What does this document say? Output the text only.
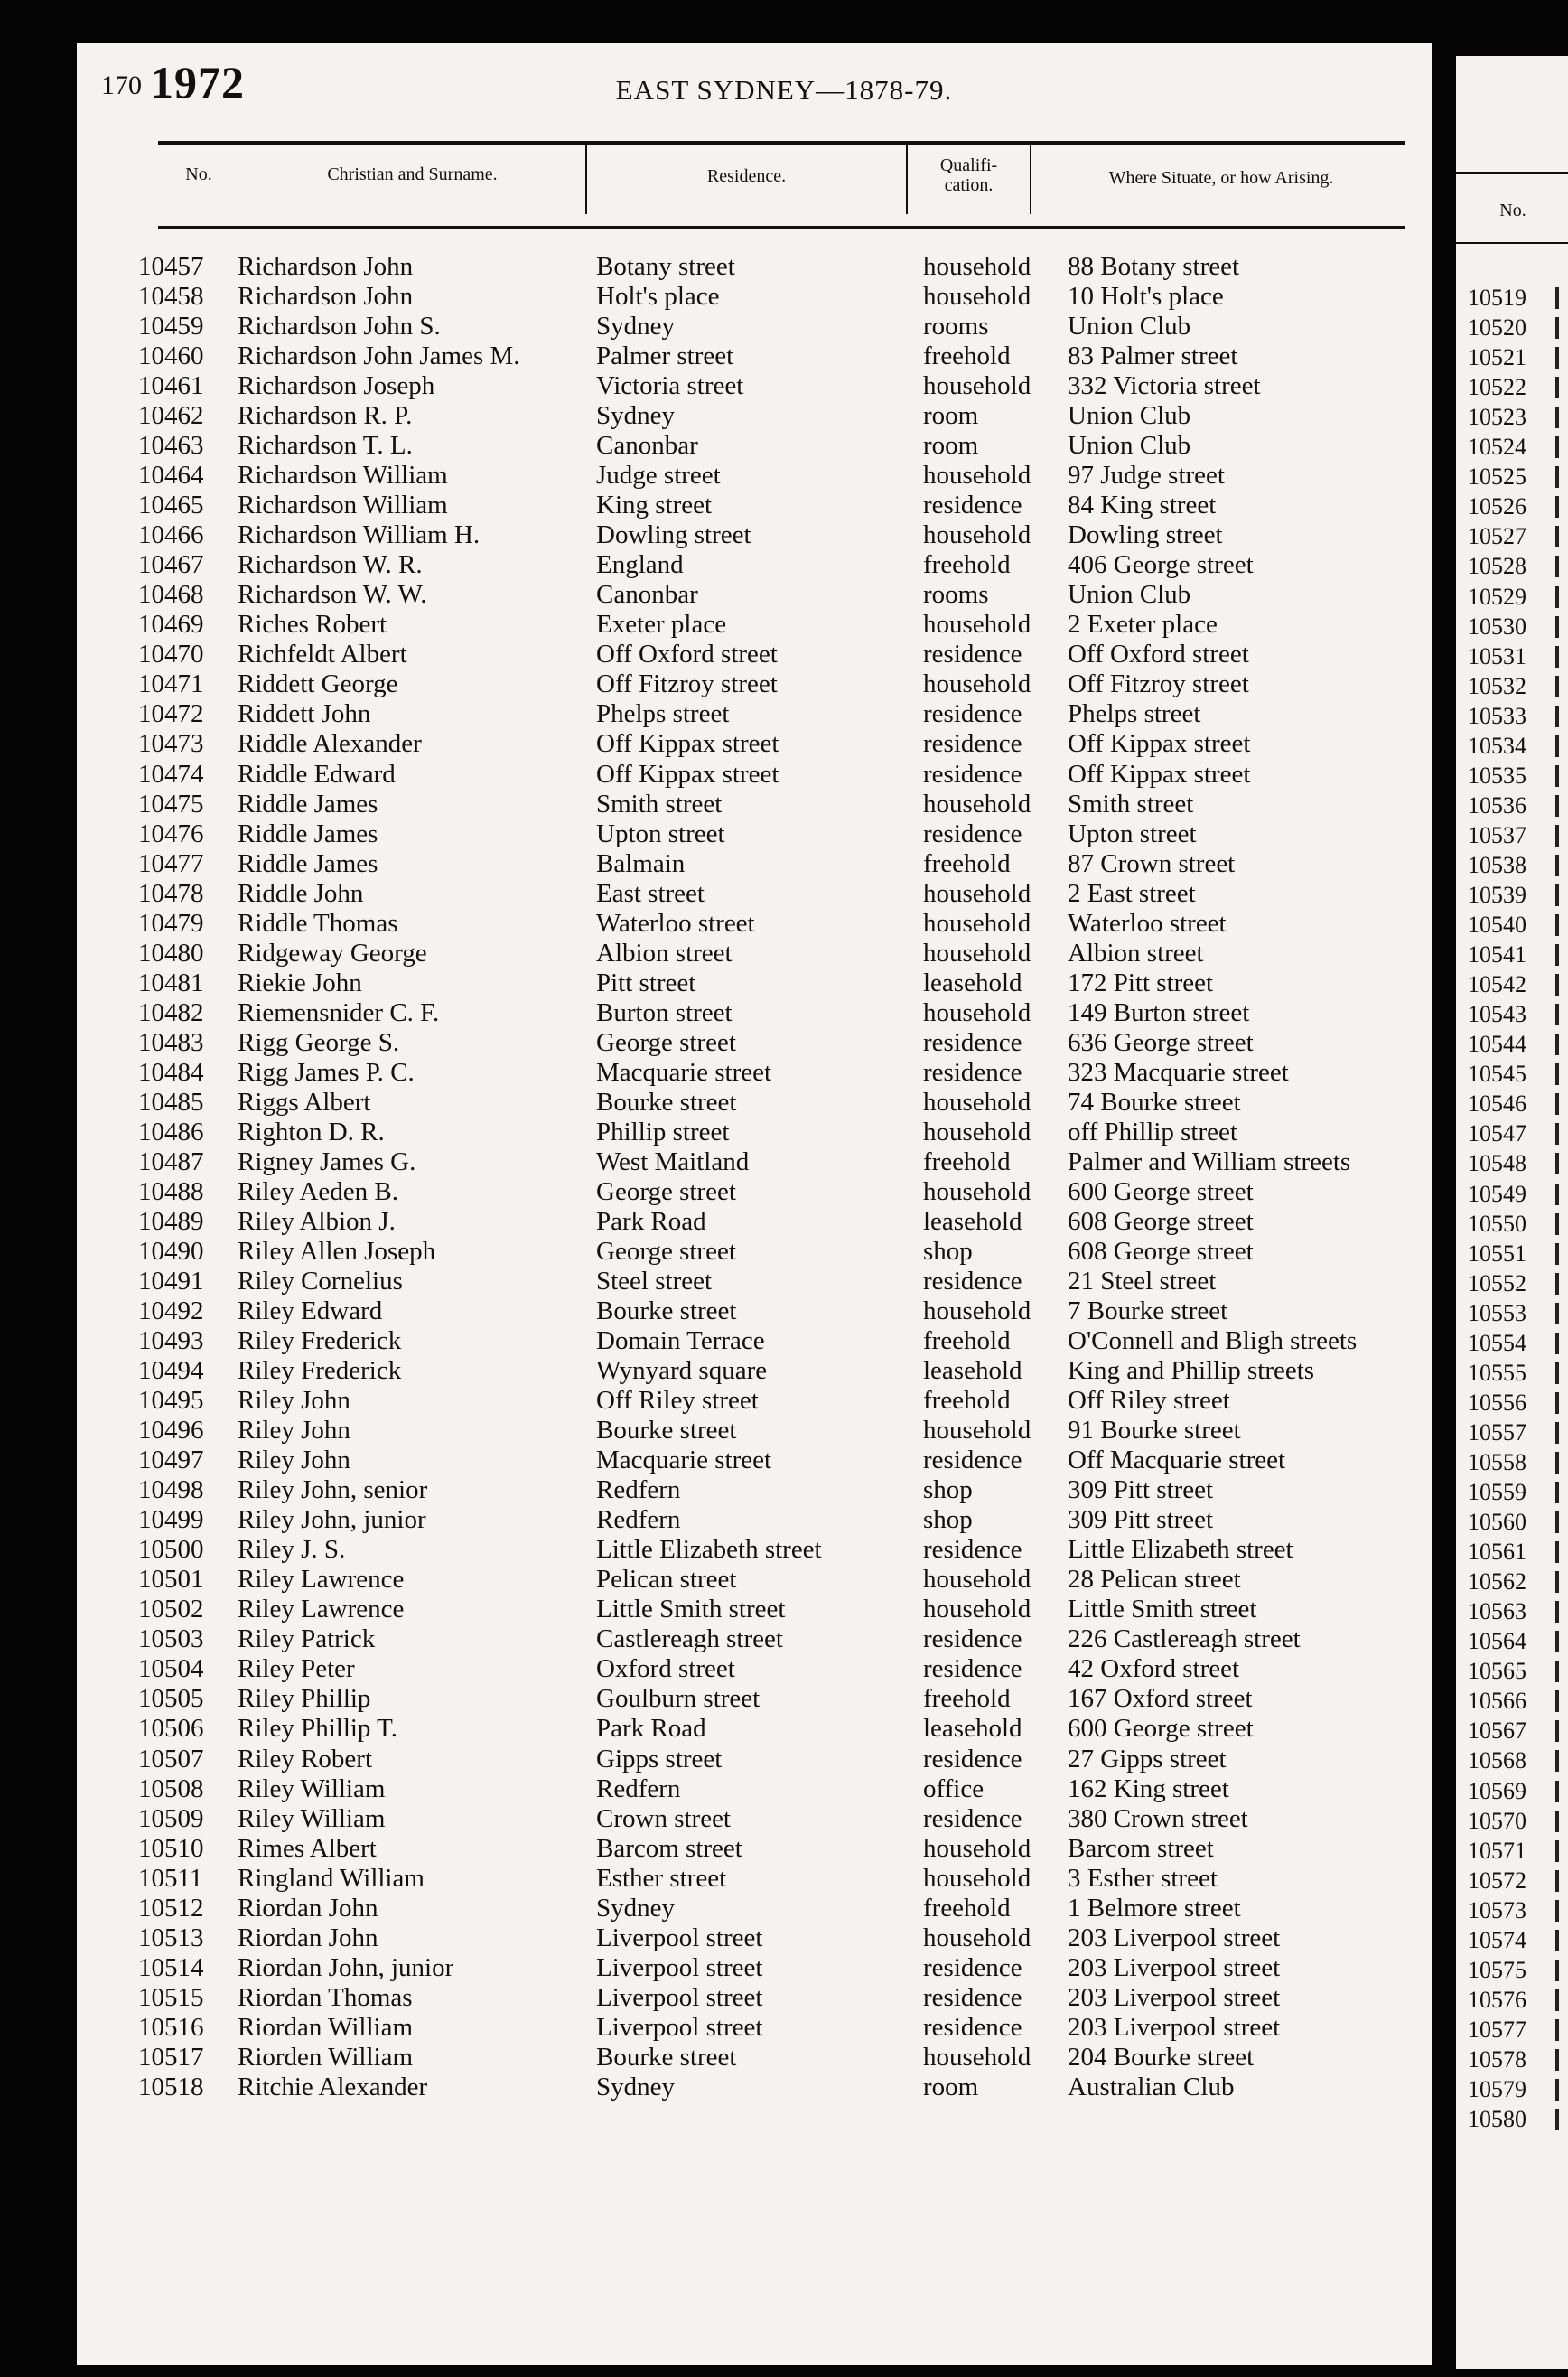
170 1972	EAST SYDNEY—1878-79.
No.	Christian and Surname.	Residence.
Qualifi-
cation.	Where Situate, or how Arising.
No.
10457 Richardson John	Botany street	household 88 Botany street
10458 Richardson John	Holt's place	household 10 Holt's place
10459 Richardson John S.	Sydney	rooms	Union Club
10460 Richardson John James M.	Palmer street	freehold 83 Palmer street
10461 Richardson Joseph	Victoria street	household 332 Victoria street
10462 Richardson R. P.	Sydney	room	Union Club
10463 Richardson T. L.	Canonbar	room	Union Club
10464 Richardson William	Judge street	household 97 Judge street
10465 Richardson William	King street	residence 84 King street
10466 Richardson William H.	Dowling street	household Dowling street
10467 Richardson W. R.	England	freehold 406 George street
10468 Richardson W. W.	Canonbar	rooms	Union Club
10469 Riches Robert	Exeter place	household 2 Exeter place
10470 Richfeldt Albert	Off Oxford street	residence Off Oxford street
10471 Riddett George	Off Fitzroy street	household Off Fitzroy street
10472 Riddett John	Phelps street	residence Phelps street
10473 Riddle Alexander	Off Kippax street	residence Off Kippax street
10474 Riddle Edward	Off Kippax street	residence Off Kippax street
10475 Riddle James	Smith street	household Smith street
10476 Riddle James	Upton street	residence Upton street
10477 Riddle James	Balmain	freehold 87 Crown street
10478 Riddle John	East street	household 2 East street
10479 Riddle Thomas	Waterloo street	household Waterloo street
10480 Ridgeway George	Albion street	household Albion street
10481 Riekie John	Pitt street	leasehold 172 Pitt street
10482 Riemensnider C. F.	Burton street	household 149 Burton street
10483 Rigg George S.	George street	residence 636 George street
10484 Rigg James P. C.	Macquarie street	residence 323 Macquarie street
10485 Riggs Albert	Bourke street	household 74 Bourke street
10486 Righton D. R.	Phillip street	household off Phillip street
10487 Rigney James G.	West Maitland	freehold Palmer and William streets
10488 Riley Aeden B.	George street	household 600 George street
10489 Riley Albion J.	Park Road	leasehold 608 George street
10490 Riley Allen Joseph	George street	shop	608 George street
10491 Riley Cornelius	Steel street	residence 21 Steel street
10492 Riley Edward	Bourke street	household 7 Bourke street
10493 Riley Frederick	Domain Terrace	freehold O'Connell and Bligh streets
10494 Riley Frederick	Wynyard square	leasehold King and Phillip streets
10495 Riley John	Off Riley street	freehold Off Riley street
10496 Riley John	Bourke street	household 91 Bourke street
10497 Riley John	Macquarie street	residence Off Macquarie street
10498 Riley John, senior	Redfern	shop	309 Pitt street
10499 Riley John, junior	Redfern	shop	309 Pitt street
10500 Riley J. S.	Little Elizabeth street	residence Little Elizabeth street
10501 Riley Lawrence	Pelican street	household 28 Pelican street
10502 Riley Lawrence	Little Smith street	household Little Smith street
10503 Riley Patrick	Castlereagh street	residence 226 Castlereagh street
10504 Riley Peter	Oxford street	residence 42 Oxford street
10505 Riley Phillip	Goulburn street	freehold 167 Oxford street
10506 Riley Phillip T.	Park Road	leasehold 600 George street
10507 Riley Robert	Gipps street	residence 27 Gipps street
10508 Riley William	Redfern	office	162 King street
10509 Riley William	Crown street	residence 380 Crown street
10510 Rimes Albert	Barcom street	household Barcom street
10511 Ringland William	Esther street	household 3 Esther street
10512 Riordan John	Sydney	freehold 1 Belmore street
10513 Riordan John	Liverpool street	household 203 Liverpool street
10514 Riordan John, junior	Liverpool street	residence 203 Liverpool street
10515 Riordan Thomas	Liverpool street	residence 203 Liverpool street
10516 Riordan William	Liverpool street	residence 203 Liverpool street
10517 Riorden William	Bourke street	household 204 Bourke street
10518 Ritchie Alexander	Sydney	room	Australian Club
10519
10520
10521
10522
10523
10524
10525
10526
10527
10528
10529
10530
10531
10532
10533
10534
10535
10536
10537
10538
10539
10540
10541
10542
10543
10544
10545
10546
10547
10548
10549
10550
10551
10552
10553
10554
10555
10556
10557
10558
10559
10560
10561
10562
10563
10564
10565
10566
10567
10568
10569
10570
10571
10572
10573
10574
10575
10576
10577
10578
10579
10580
